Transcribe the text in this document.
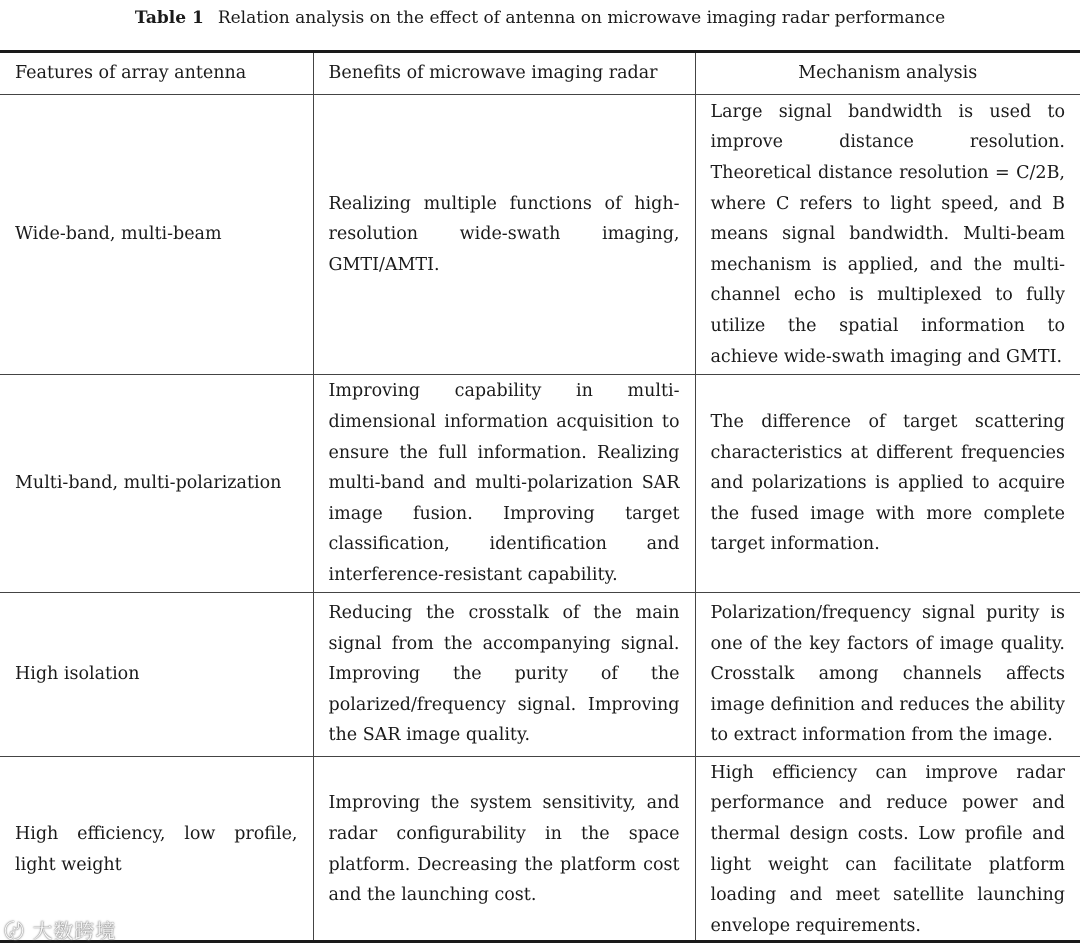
Table 1 Relation analysis on the effect of antenna on microwave imaging radar performance
Features of array antenna	Benefits of microwave imaging radar	Mechanism analysis
Wide-band, multi-beam	Realizing multiple functions of high-resolution wide-swath imaging, GMTI/AMTI.	Large signal bandwidth is used to improve distance resolution. Theoretical distance resolution = C/2B, where C refers to light speed, and B means signal bandwidth. Multi-beam mechanism is applied, and the multi-channel echo is multiplexed to fully utilize the spatial information to achieve wide-swath imaging and GMTI.
Multi-band, multi-polarization	Improving capability in multi-dimensional information acquisition to ensure the full information. Realizing multi-band and multi-polarization SAR image fusion. Improving target classification, identification and interference-resistant capability.	The difference of target scattering characteristics at different frequencies and polarizations is applied to acquire the fused image with more complete target information.
High isolation	Reducing the crosstalk of the main signal from the accompanying signal. Improving the purity of the polarized/frequency signal. Improving the SAR image quality.	Polarization/frequency signal purity is one of the key factors of image quality. Crosstalk among channels affects image definition and reduces the ability to extract information from the image.
High efficiency, low profile, light weight	Improving the system sensitivity, and radar configurability in the space platform. Decreasing the platform cost and the launching cost.	High efficiency can improve radar performance and reduce power and thermal design costs. Low profile and light weight can facilitate platform loading and meet satellite launching envelope requirements.
〄 大数跨境
